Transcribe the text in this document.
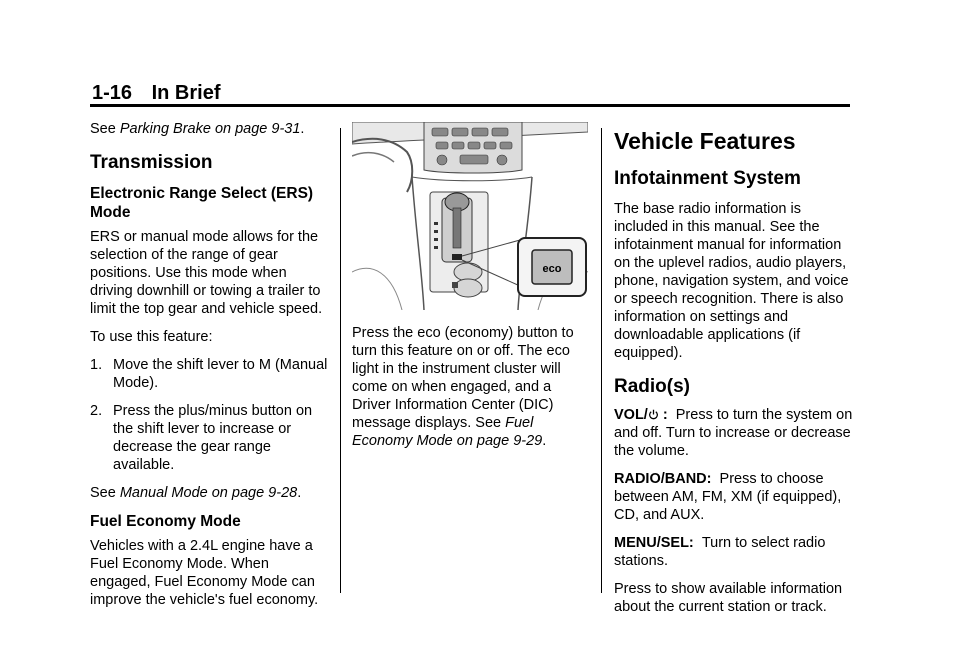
1-16 In Brief

See Parking Brake on page 9-31.

Transmission
Electronic Range Select (ERS) Mode

ERS or manual mode allows for the selection of the range of gear positions. Use this mode when driving downhill or towing a trailer to limit the top gear and vehicle speed.

To use this feature:

1. Move the shift lever to M (Manual Mode).
2. Press the plus/minus button on the shift lever to increase or decrease the gear range available.

See Manual Mode on page 9-28.

Fuel Economy Mode

Vehicles with a 2.4L engine have a Fuel Economy Mode. When engaged, Fuel Economy Mode can improve the vehicle's fuel economy.

eco

Press the eco (economy) button to turn this feature on or off. The eco light in the instrument cluster will come on when engaged, and a Driver Information Center (DIC) message displays. See Fuel Economy Mode on page 9-29.

Vehicle Features
Infotainment System

The base radio information is included in this manual. See the infotainment manual for information on the uplevel radios, audio players, phone, navigation system, and voice or speech recognition. There is also information on settings and downloadable applications (if equipped).

Radio(s)

VOL/ : Press to turn the system on and off. Turn to increase or decrease the volume.

RADIO/BAND: Press to choose between AM, FM, XM (if equipped), CD, and AUX.

MENU/SEL: Turn to select radio stations.

Press to show available information about the current station or track.
